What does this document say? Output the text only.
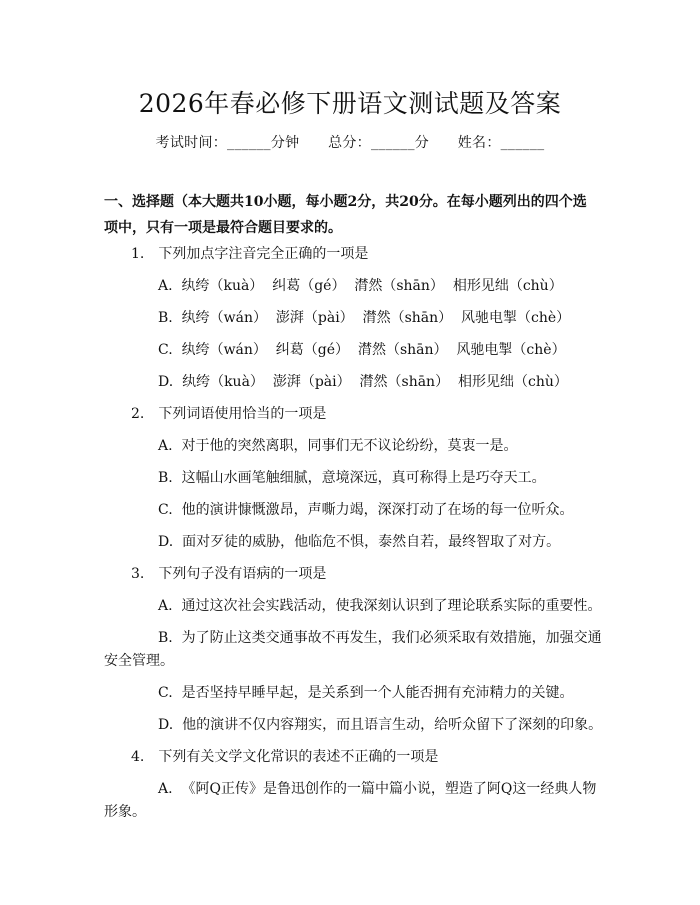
2026年春必修下册语文测试题及答案
考试时间：______分钟　　 总分：______分　　 姓名：______
一、选择题（本大题共10小题，每小题2分，共20分。在每小题列出的四个选项中，只有一项是最符合题目要求的。
1.　下列加点字注音完全正确的一项是
A.  纨绔（kuà）  纠葛（gé）  潸然（shān）  相形见绌（chù）
B.  纨绔（wán）  澎湃（pài）  潸然（shān）  风驰电掣（chè）
C.  纨绔（wán）  纠葛（gé）  潸然（shān）  风驰电掣（chè）
D.  纨绔（kuà）  澎湃（pài）  潸然（shān）  相形见绌（chù）
2.　下列词语使用恰当的一项是
A.  对于他的突然离职，同事们无不议论纷纷，莫衷一是。
B.  这幅山水画笔触细腻，意境深远，真可称得上是巧夺天工。
C.  他的演讲慷慨激昂，声嘶力竭，深深打动了在场的每一位听众。
D.  面对歹徒的威胁，他临危不惧，泰然自若，最终智取了对方。
3.　下列句子没有语病的一项是
A.  通过这次社会实践活动，使我深刻认识到了理论联系实际的重要性。
B.  为了防止这类交通事故不再发生，我们必须采取有效措施，加强交通
安全管理。
C.  是否坚持早睡早起，是关系到一个人能否拥有充沛精力的关键。
D.  他的演讲不仅内容翔实，而且语言生动，给听众留下了深刻的印象。
4.　下列有关文学文化常识的表述不正确的一项是
A.  《阿Q正传》是鲁迅创作的一篇中篇小说，塑造了阿Q这一经典人物
形象。
